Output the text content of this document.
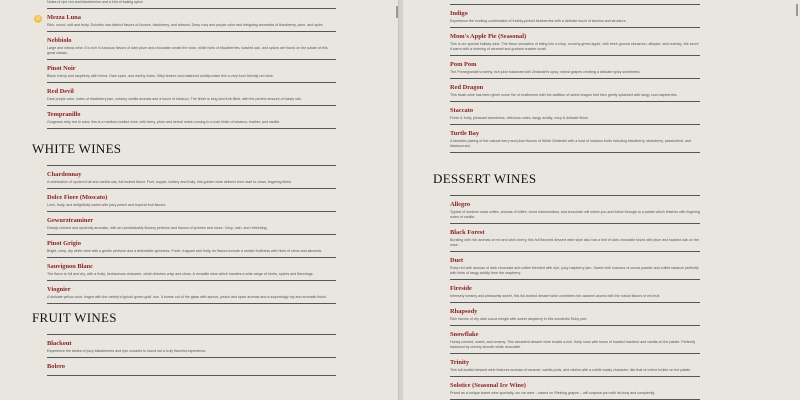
Notes of ripe red and blackberries and a hint of baking spice.
Mezza Luna
Rich, round, soft and fruity. Dolcetto has distinct flavors of licorice, blackberry, and almond. Deep ruby and purple color and intriguing aromatics of blackberry, plum, and spice.
Nebbiolo
Large and robust wine. It is rich in luscious flavors of dark plum and chocolate create the nose, while hints of blackberries, toasted oak, and spices are found on the palate of this great classic.
Pinot Noir
Black cherry and raspberry with herbs. Dark spice, and earthy notes. Silky texture and balanced acidity make this a very food-friendly red wine.
Red Devil
Dark purple color, notes of blackberry jam, creamy vanilla aromas and a touch of tobacco. The finish is long and fruit-filled, with the perfect amount of toasty oak.
Tempranillo
Gorgeous ruby red in color, this is a medium-bodied wine, with berry, plum and herbal notes running to a lush finish of tobacco, leather, and vanilla.
WHITE WINES
Chardonnay
A celebration of opulent fruit and vanilla oak, full-bodied flavor. Fruit, supple, buttery and fruity, this golden wine delivers from start to clean, lingering finish.
Dolce Fiore (Moscato)
Lush, fruity, and delightfully sweet with juicy peach and tropical fruit flavors.
Gewurztraminer
Deeply colored and opulently aromatic, with an unmistakably flowery perfume and flavors of lychees and roses. Crisp, lush, and refreshing.
Pinot Grigio
Bright, crisp, dry white wine with a gentle perfume and a delectable spiciness. Fresh, fragrant and fruity, its flavors include a certain fruitiness with hints of citrus and almonds.
Sauvignon Blanc
The flavor is full and dry, with a fruity, herbaceous character, which finishes crisp and clean. A versatile wine which handles a wide range of herbs, spices and flavorings.
Viognier
A delicate yellow color, tinged with the variety's typical 'green gold' hue. It bursts out of the glass with apricot, peach and spice aromas and a surprisingly dry and aromatic finish.
FRUIT WINES
Blackout
Experience the tastes of juicy blackberries and ripe currants to round out a truly flavorful experience.
Bolero
☺
Indigo
Experience the exciting combination of freshly-picked blueberries with a delicate touch of tannins and structure.
Mom's Apple Pie (Seasonal)
This is our special holiday wine. The flavor sensation of biting into a crisp, crunchy green apple, with fresh ground cinnamon, allspice, and nutmeg. We serve it warm with a rimming of caramel and graham cracker crust!
Pom Pom
The Pomegranate's earthy, rich juice balances with Zinfandel's spicy, robust grapes creating a delicate spicy sweetness.
Red Dragon
This blush wine has been given some fire of excitement with the addition of sweet dragon fruit then gently splashed with tangy cool raspberries.
Staccato
Fresh & fruity, pleasant sweetness, delicious notes, tangy acidity, crisp & delicate finish.
Turtle Bay
A fantastic pairing of the natural berry and plum flavors of White Zinfandel with a host of luscious fruits including blackberry, strawberry, passionfruit, and blackcurrant.
DESSERT WINES
Allegro
Typical of medium roast coffee, aromas of toffee, burnt marshmallow, and chocolate will entice you and follow through to a palate which finishes with lingering notes of vanilla.
Black Forest
Bursting with rich aromas of red and dark cherry, this full flavored dessert wine style also has a hint of dark chocolate fused with plum and toasted oak on the nose.
Duet
Ruby red with aromas of dark chocolate and coffee blended with ripe, juicy raspberry jam. Sweet with nuances of cocoa powder and coffee balance perfectly with hints of tangy acidity from the raspberry.
Fireside
Intensely creamy and pleasantly sweet, this full-bodied dessert wine combines rich caramel aroma with the robust flavors of red fruit.
Rhapsody
Rich flavors of dry dark cocoa mingle with sweet raspberry in this wonderful Ruby port.
Snowflake
Honey colored, sweet, and creamy. This decadent dessert wine boasts a rich, fruity nose with tones of toasted hazelnut and vanilla on the palate. Perfectly balanced by velvety smooth white chocolate.
Trinity
This full-bodied dessert wine features aromas of caramel, vanilla pods, and raisins with a subtle toasty character, like that of crème brûlée on the palate.
Solstice (Seasonal Ice Wine)
Priced as a unique sweet wine specialty, our ice wine – based on Riesling grapes – will surprise you with its body and complexity.
